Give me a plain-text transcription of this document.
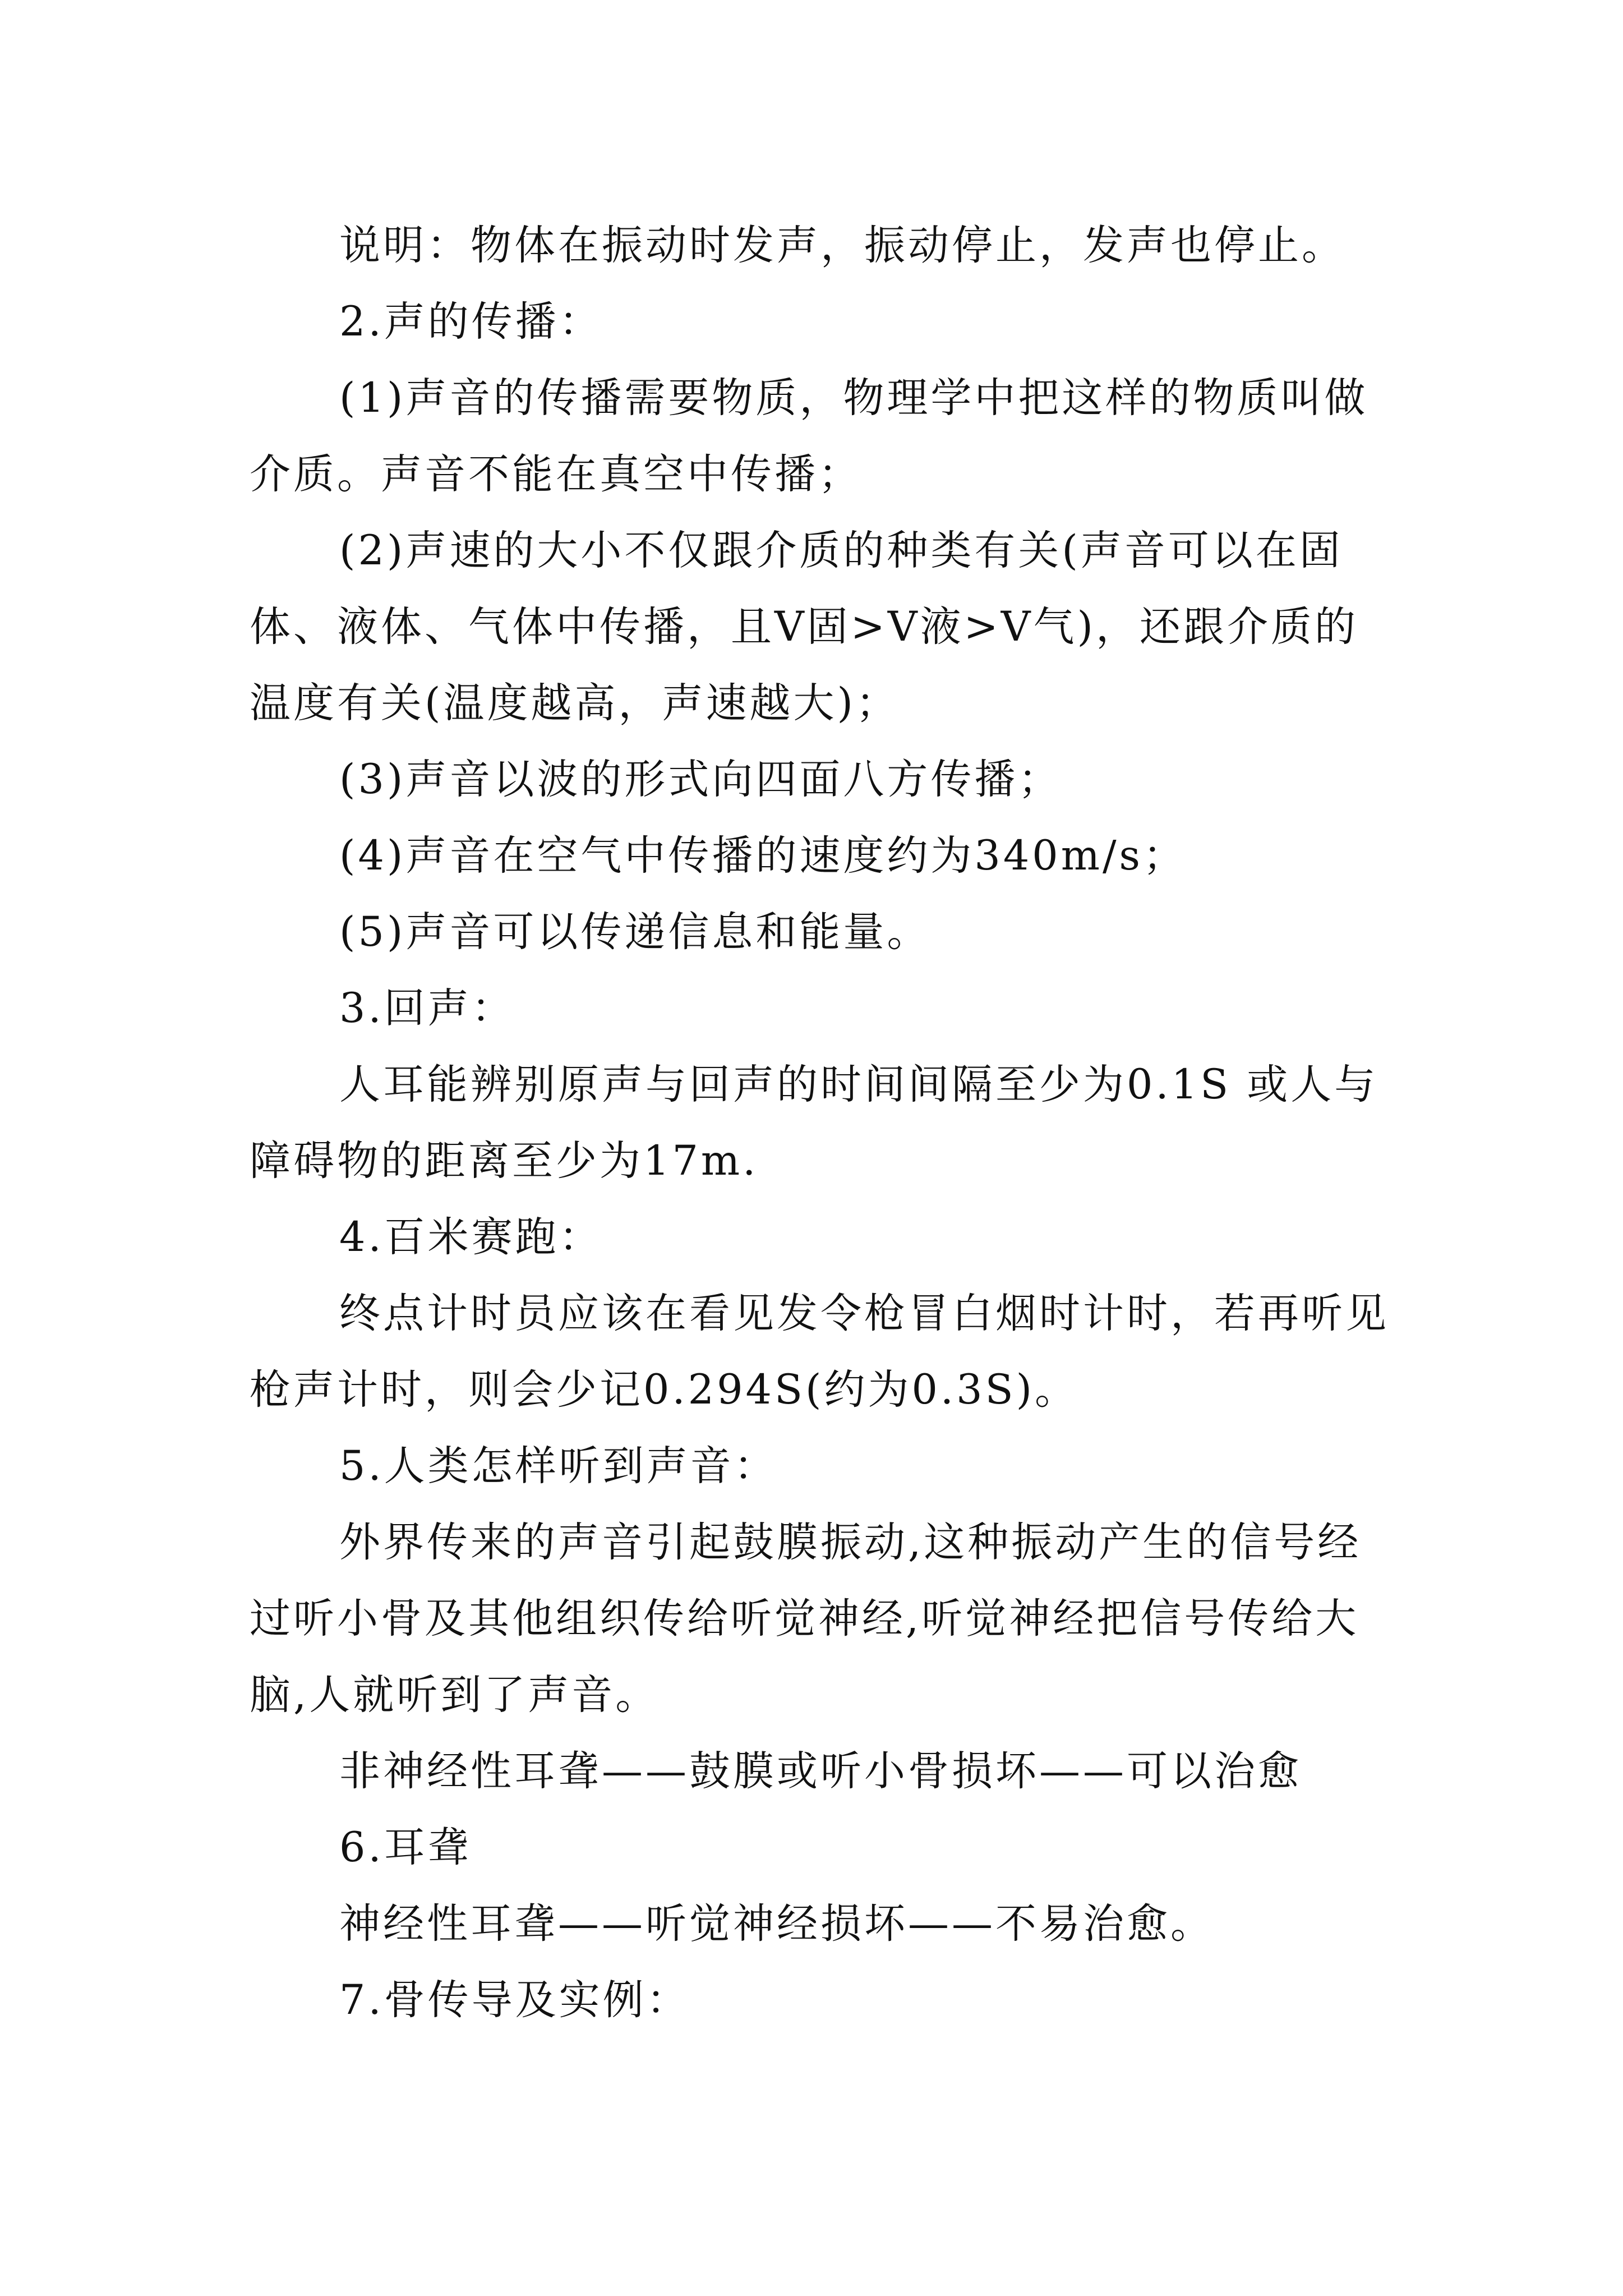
说明：物体在振动时发声，振动停止，发声也停止。

2.声的传播：

(1)声音的传播需要物质，物理学中把这样的物质叫做介质。声音不能在真空中传播；

(2)声速的大小不仅跟介质的种类有关(声音可以在固体、液体、气体中传播，且V固>V液>V气)，还跟介质的温度有关(温度越高，声速越大)；

(3)声音以波的形式向四面八方传播；

(4)声音在空气中传播的速度约为340m/s；

(5)声音可以传递信息和能量。

3.回声：

人耳能辨别原声与回声的时间间隔至少为0.1S 或人与障碍物的距离至少为17m.

4.百米赛跑：

终点计时员应该在看见发令枪冒白烟时计时，若再听见枪声计时，则会少记0.294S(约为0.3S)。

5.人类怎样听到声音：

外界传来的声音引起鼓膜振动,这种振动产生的信号经过听小骨及其他组织传给听觉神经,听觉神经把信号传给大脑,人就听到了声音。

非神经性耳聋——鼓膜或听小骨损坏——可以治愈

6.耳聋

神经性耳聋——听觉神经损坏——不易治愈。

7.骨传导及实例：
